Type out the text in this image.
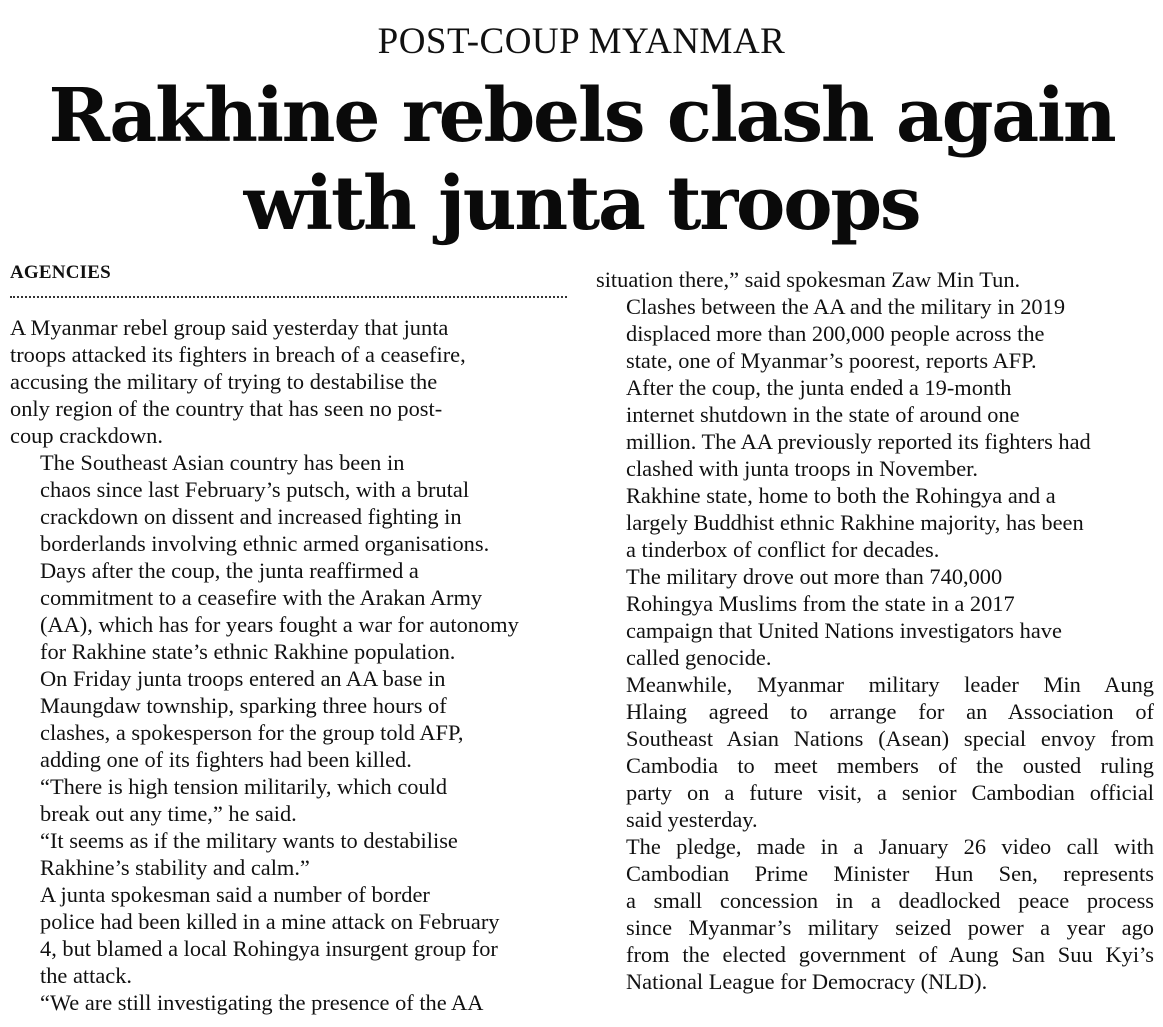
POST-COUP MYANMAR
Rakhine rebels clash again
with junta troops
AGENCIES

A Myanmar rebel group said yesterday that junta
troops attacked its fighters in breach of a ceasefire,
accusing the military of trying to destabilise the
only region of the country that has seen no post-
coup crackdown.

The Southeast Asian country has been in
chaos since last February’s putsch, with a brutal
crackdown on dissent and increased fighting in
borderlands involving ethnic armed organisations.

Days after the coup, the junta reaffirmed a
commitment to a ceasefire with the Arakan Army
(AA), which has for years fought a war for autonomy
for Rakhine state’s ethnic Rakhine population.

On Friday junta troops entered an AA base in
Maungdaw township, sparking three hours of
clashes, a spokesperson for the group told AFP,
adding one of its fighters had been killed.

“There is high tension militarily, which could
break out any time,” he said.

“It seems as if the military wants to destabilise
Rakhine’s stability and calm.”

A junta spokesman said a number of border
police had been killed in a mine attack on February
4, but blamed a local Rohingya insurgent group for
the attack.

“We are still investigating the presence of the AA

situation there,” said spokesman Zaw Min Tun.

Clashes between the AA and the military in 2019
displaced more than 200,000 people across the
state, one of Myanmar’s poorest, reports AFP.

After the coup, the junta ended a 19-month
internet shutdown in the state of around one
million. The AA previously reported its fighters had
clashed with junta troops in November.

Rakhine state, home to both the Rohingya and a
largely Buddhist ethnic Rakhine majority, has been
a tinderbox of conflict for decades.

The military drove out more than 740,000
Rohingya Muslims from the state in a 2017
campaign that United Nations investigators have
called genocide.

Meanwhile, Myanmar military leader Min Aung
Hlaing agreed to arrange for an Association of
Southeast Asian Nations (Asean) special envoy from
Cambodia to meet members of the ousted ruling
party on a future visit, a senior Cambodian official
said yesterday.

The pledge, made in a January 26 video call with
Cambodian Prime Minister Hun Sen, represents
a small concession in a deadlocked peace process
since Myanmar’s military seized power a year ago
from the elected government of Aung San Suu Kyi’s
National League for Democracy (NLD).
